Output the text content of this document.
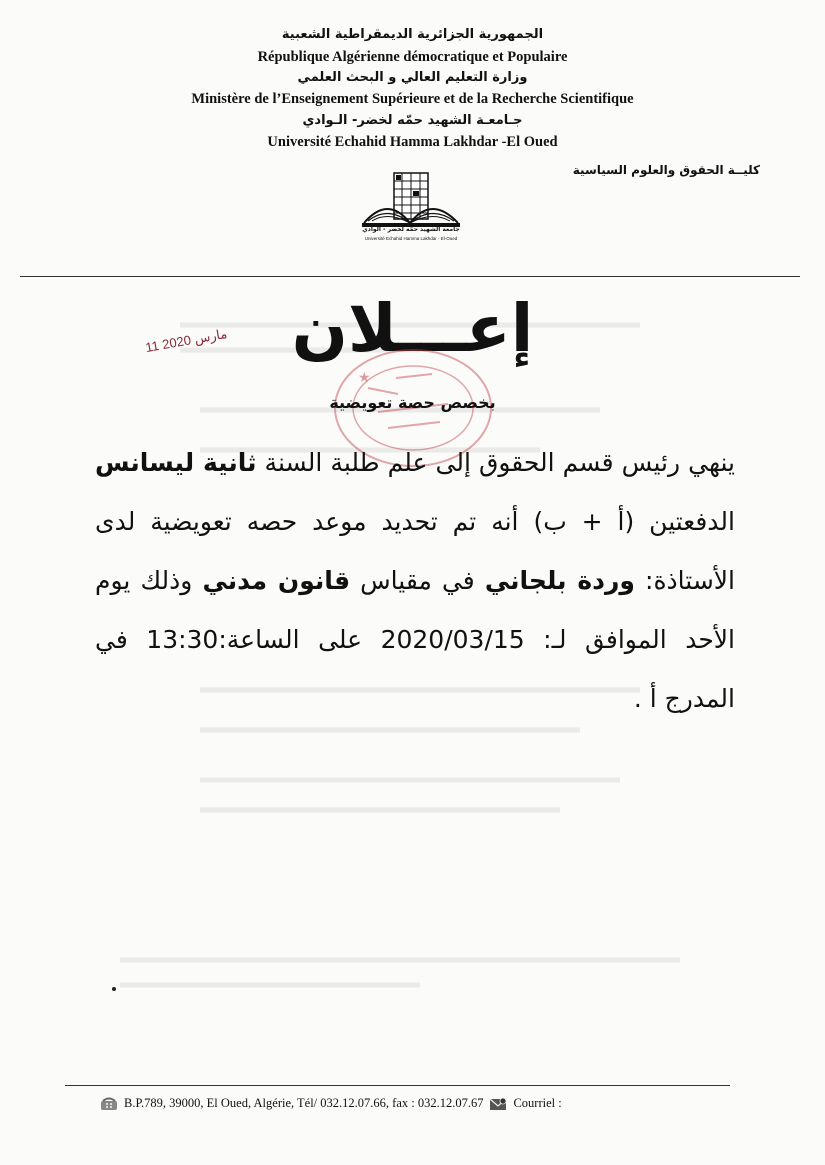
الجمهورية الجزائرية الديمقراطية الشعبية
République Algérienne démocratique et Populaire
وزارة التعليم العالي و البحث العلمي
Ministère de l’Enseignement Supérieure et de la Recherche Scientifique
جـامعـة الشهيد حمّه لخضر- الـوادي
Université Echahid Hamma Lakhdar -El Oued
كليــة الحقوق والعلوم السياسية
جامعة الشهيد حمّه لخضر - الوادي
Université Echahid Hamma Lakhdar - El-Oued
إعـــلان
11 مارس 2020
★
بخصص حصة تعويضية
ينهي رئيس قسم الحقوق إلى علم طلبة السنة ثانية ليسانس الدفعتين (أ + ب) أنه تم تحديد موعد حصه تعويضية لدى الأستاذة: وردة بلجاني في مقياس قانون مدني وذلك يوم الأحد الموافق لـ: 2020/03/15 على الساعة:13:30 في المدرج أ .
B.P.789, 39000, El Oued, Algérie, Tél/ 032.12.07.66, fax : 032.12.07.67 Courriel :
